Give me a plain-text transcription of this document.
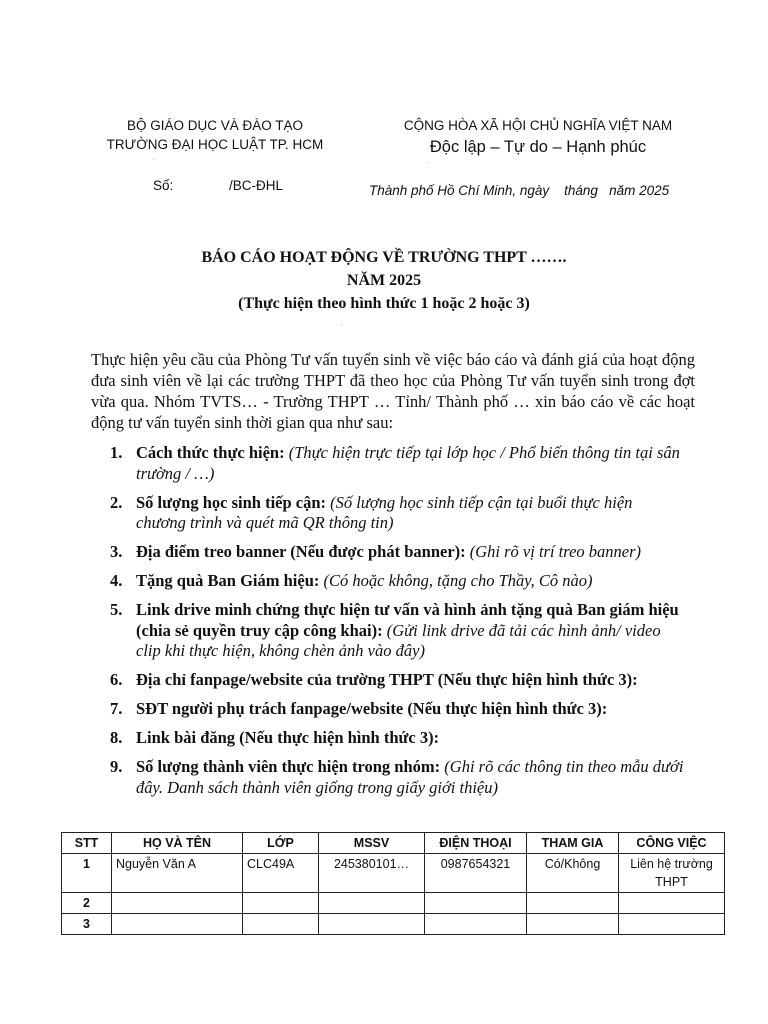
BỘ GIÁO DỤC VÀ ĐÀO TẠO
TRƯỜNG ĐẠI HỌC LUẬT TP. HCM
·
CỘNG HÒA XÃ HỘI CHỦ NGHĨA VIỆT NAM
Độc lập – Tự do – Hạnh phúc
·
Số:	/BC-ĐHL	Thành phố Hồ Chí Minh, ngày    tháng   năm 2025
BÁO CÁO HOẠT ĐỘNG VỀ TRƯỜNG THPT …….
NĂM 2025
(Thực hiện theo hình thức 1 hoặc 2 hoặc 3)
·
Thực hiện yêu cầu của Phòng Tư vấn tuyển sinh về việc báo cáo và đánh giá của hoạt động đưa sinh viên về lại các trường THPT đã theo học của Phòng Tư vấn tuyển sinh trong đợt vừa qua. Nhóm TVTS… - Trường THPT … Tỉnh/ Thành phố … xin báo cáo về các hoạt động tư vấn tuyển sinh thời gian qua như sau:
1. Cách thức thực hiện: (Thực hiện trực tiếp tại lớp học / Phổ biến thông tin tại sân trường / …)
2. Số lượng học sinh tiếp cận: (Số lượng học sinh tiếp cận tại buổi thực hiện chương trình và quét mã QR thông tin)
3. Địa điểm treo banner (Nếu được phát banner): (Ghi rõ vị trí treo banner)
4. Tặng quà Ban Giám hiệu: (Có hoặc không, tặng cho Thầy, Cô nào)
5. Link drive minh chứng thực hiện tư vấn và hình ảnh tặng quà Ban giám hiệu (chia sẻ quyền truy cập công khai): (Gửi link drive đã tải các hình ảnh/ video clip khi thực hiện, không chèn ảnh vào đây)
6. Địa chỉ fanpage/website của trường THPT (Nếu thực hiện hình thức 3):
7. SĐT người phụ trách fanpage/website (Nếu thực hiện hình thức 3):
8. Link bài đăng (Nếu thực hiện hình thức 3):
9. Số lượng thành viên thực hiện trong nhóm: (Ghi rõ các thông tin theo mẫu dưới đây. Danh sách thành viên giống trong giấy giới thiệu)
STT	HỌ VÀ TÊN	LỚP	MSSV	ĐIỆN THOẠI	THAM GIA	CÔNG VIỆC
1	Nguyễn Văn A	CLC49A	245380101…	0987654321	Có/Không	Liên hệ trường THPT
2						
3						
